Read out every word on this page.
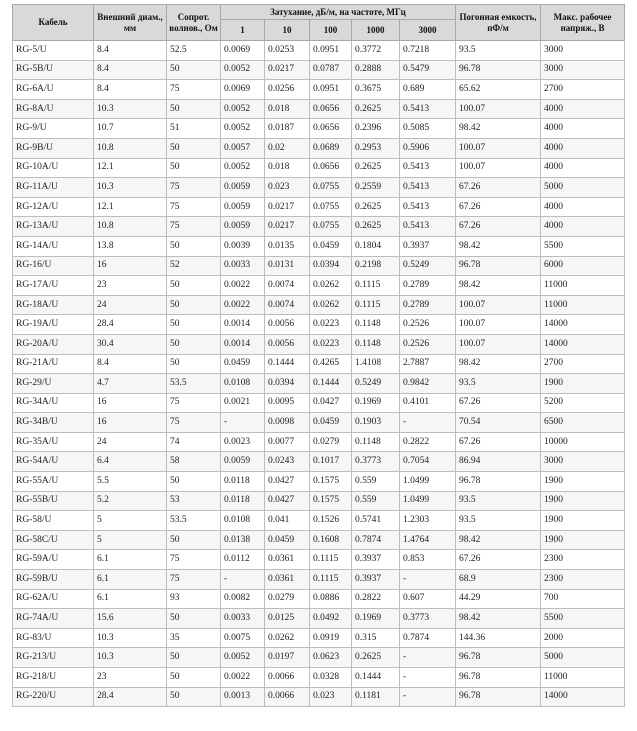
Кабель	Внешний диам., мм	Сопрот. волнов., Ом	Затухание, дБ/м, на частоте, МГц					Погонная емкость, пФ/м	Макс. рабочее напряж., В
			1	10	100	1000	3000		
RG-5/U	8.4	52.5	0.0069	0.0253	0.0951	0.3772	0.7218	93.5	3000
RG-5B/U	8.4	50	0.0052	0.0217	0.0787	0.2888	0.5479	96.78	3000
RG-6A/U	8.4	75	0.0069	0.0256	0.0951	0.3675	0.689	65.62	2700
RG-8A/U	10.3	50	0.0052	0.018	0.0656	0.2625	0.5413	100.07	4000
RG-9/U	10.7	51	0.0052	0.0187	0.0656	0.2396	0.5085	98.42	4000
RG-9B/U	10.8	50	0.0057	0.02	0.0689	0.2953	0.5906	100.07	4000
RG-10A/U	12.1	50	0.0052	0.018	0.0656	0.2625	0.5413	100.07	4000
RG-11A/U	10.3	75	0.0059	0.023	0.0755	0.2559	0.5413	67.26	5000
RG-12A/U	12.1	75	0.0059	0.0217	0.0755	0.2625	0.5413	67.26	4000
RG-13A/U	10.8	75	0.0059	0.0217	0.0755	0.2625	0.5413	67.26	4000
RG-14A/U	13.8	50	0.0039	0.0135	0.0459	0.1804	0.3937	98.42	5500
RG-16/U	16	52	0.0033	0.0131	0.0394	0.2198	0.5249	96.78	6000
RG-17A/U	23	50	0.0022	0.0074	0.0262	0.1115	0.2789	98.42	11000
RG-18A/U	24	50	0.0022	0.0074	0.0262	0.1115	0.2789	100.07	11000
RG-19A/U	28.4	50	0.0014	0.0056	0.0223	0.1148	0.2526	100.07	14000
RG-20A/U	30.4	50	0.0014	0.0056	0.0223	0.1148	0.2526	100.07	14000
RG-21A/U	8.4	50	0.0459	0.1444	0.4265	1.4108	2.7887	98.42	2700
RG-29/U	4.7	53.5	0.0108	0.0394	0.1444	0.5249	0.9842	93.5	1900
RG-34A/U	16	75	0.0021	0.0095	0.0427	0.1969	0.4101	67.26	5200
RG-34B/U	16	75	-	0.0098	0.0459	0.1903	-	70.54	6500
RG-35A/U	24	74	0.0023	0.0077	0.0279	0.1148	0.2822	67.26	10000
RG-54A/U	6.4	58	0.0059	0.0243	0.1017	0.3773	0.7054	86.94	3000
RG-55A/U	5.5	50	0.0118	0.0427	0.1575	0.559	1.0499	96.78	1900
RG-55B/U	5.2	53	0.0118	0.0427	0.1575	0.559	1.0499	93.5	1900
RG-58/U	5	53.5	0.0108	0.041	0.1526	0.5741	1.2303	93.5	1900
RG-58C/U	5	50	0.0138	0.0459	0.1608	0.7874	1.4764	98.42	1900
RG-59A/U	6.1	75	0.0112	0.0361	0.1115	0.3937	0.853	67.26	2300
RG-59B/U	6.1	75	-	0.0361	0.1115	0.3937	-	68.9	2300
RG-62A/U	6.1	93	0.0082	0.0279	0.0886	0.2822	0.607	44.29	700
RG-74A/U	15.6	50	0.0033	0.0125	0.0492	0.1969	0.3773	98.42	5500
RG-83/U	10.3	35	0.0075	0.0262	0.0919	0.315	0.7874	144.36	2000
RG-213/U	10.3	50	0.0052	0.0197	0.0623	0.2625	-	96.78	5000
RG-218/U	23	50	0.0022	0.0066	0.0328	0.1444	-	96.78	11000
RG-220/U	28.4	50	0.0013	0.0066	0.023	0.1181	-	96.78	14000
